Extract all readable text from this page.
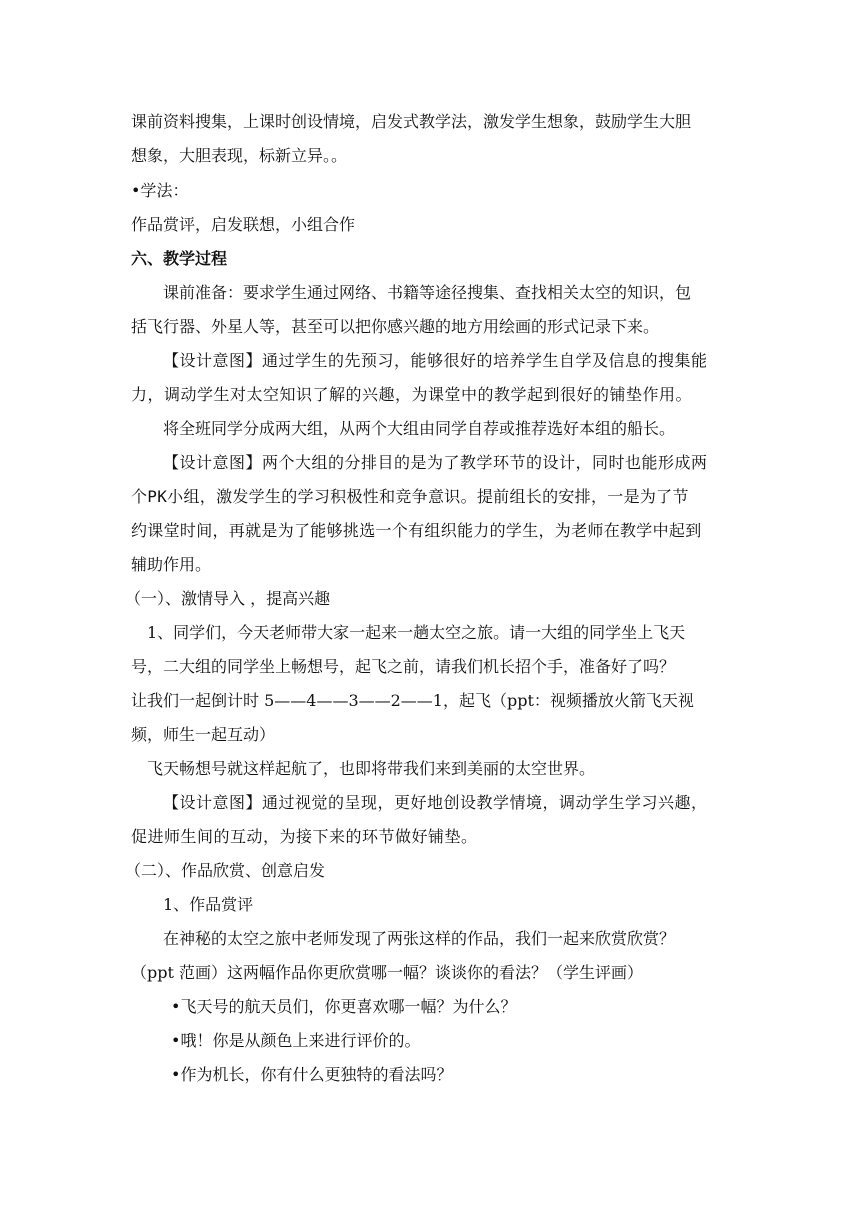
课前资料搜集，上课时创设情境，启发式教学法，激发学生想象，鼓励学生大胆
想象，大胆表现，标新立异。。
•学法：
作品赏评，启发联想，小组合作
六、教学过程
课前准备：要求学生通过网络、书籍等途径搜集、查找相关太空的知识，包
括飞行器、外星人等，甚至可以把你感兴趣的地方用绘画的形式记录下来。
【设计意图】通过学生的先预习，能够很好的培养学生自学及信息的搜集能
力，调动学生对太空知识了解的兴趣，为课堂中的教学起到很好的铺垫作用。
将全班同学分成两大组，从两个大组由同学自荐或推荐选好本组的船长。
【设计意图】两个大组的分排目的是为了教学环节的设计，同时也能形成两
个PK小组，激发学生的学习积极性和竞争意识。提前组长的安排，一是为了节
约课堂时间，再就是为了能够挑选一个有组织能力的学生，为老师在教学中起到
辅助作用。
（一）、激情导入 ，提高兴趣
1、同学们，今天老师带大家一起来一趟太空之旅。请一大组的同学坐上飞天
号，二大组的同学坐上畅想号，起飞之前，请我们机长招个手，准备好了吗？
让我们一起倒计时 5——4——3——2——1，起飞（ppt：视频播放火箭飞天视
频，师生一起互动）
飞天畅想号就这样起航了，也即将带我们来到美丽的太空世界。
【设计意图】通过视觉的呈现，更好地创设教学情境，调动学生学习兴趣，
促进师生间的互动，为接下来的环节做好铺垫。
（二）、作品欣赏、创意启发
1、作品赏评
在神秘的太空之旅中老师发现了两张这样的作品，我们一起来欣赏欣赏？
（ppt 范画）这两幅作品你更欣赏哪一幅？谈谈你的看法？（学生评画）
•飞天号的航天员们，你更喜欢哪一幅？为什么？
•哦！你是从颜色上来进行评价的。
•作为机长，你有什么更独特的看法吗？
